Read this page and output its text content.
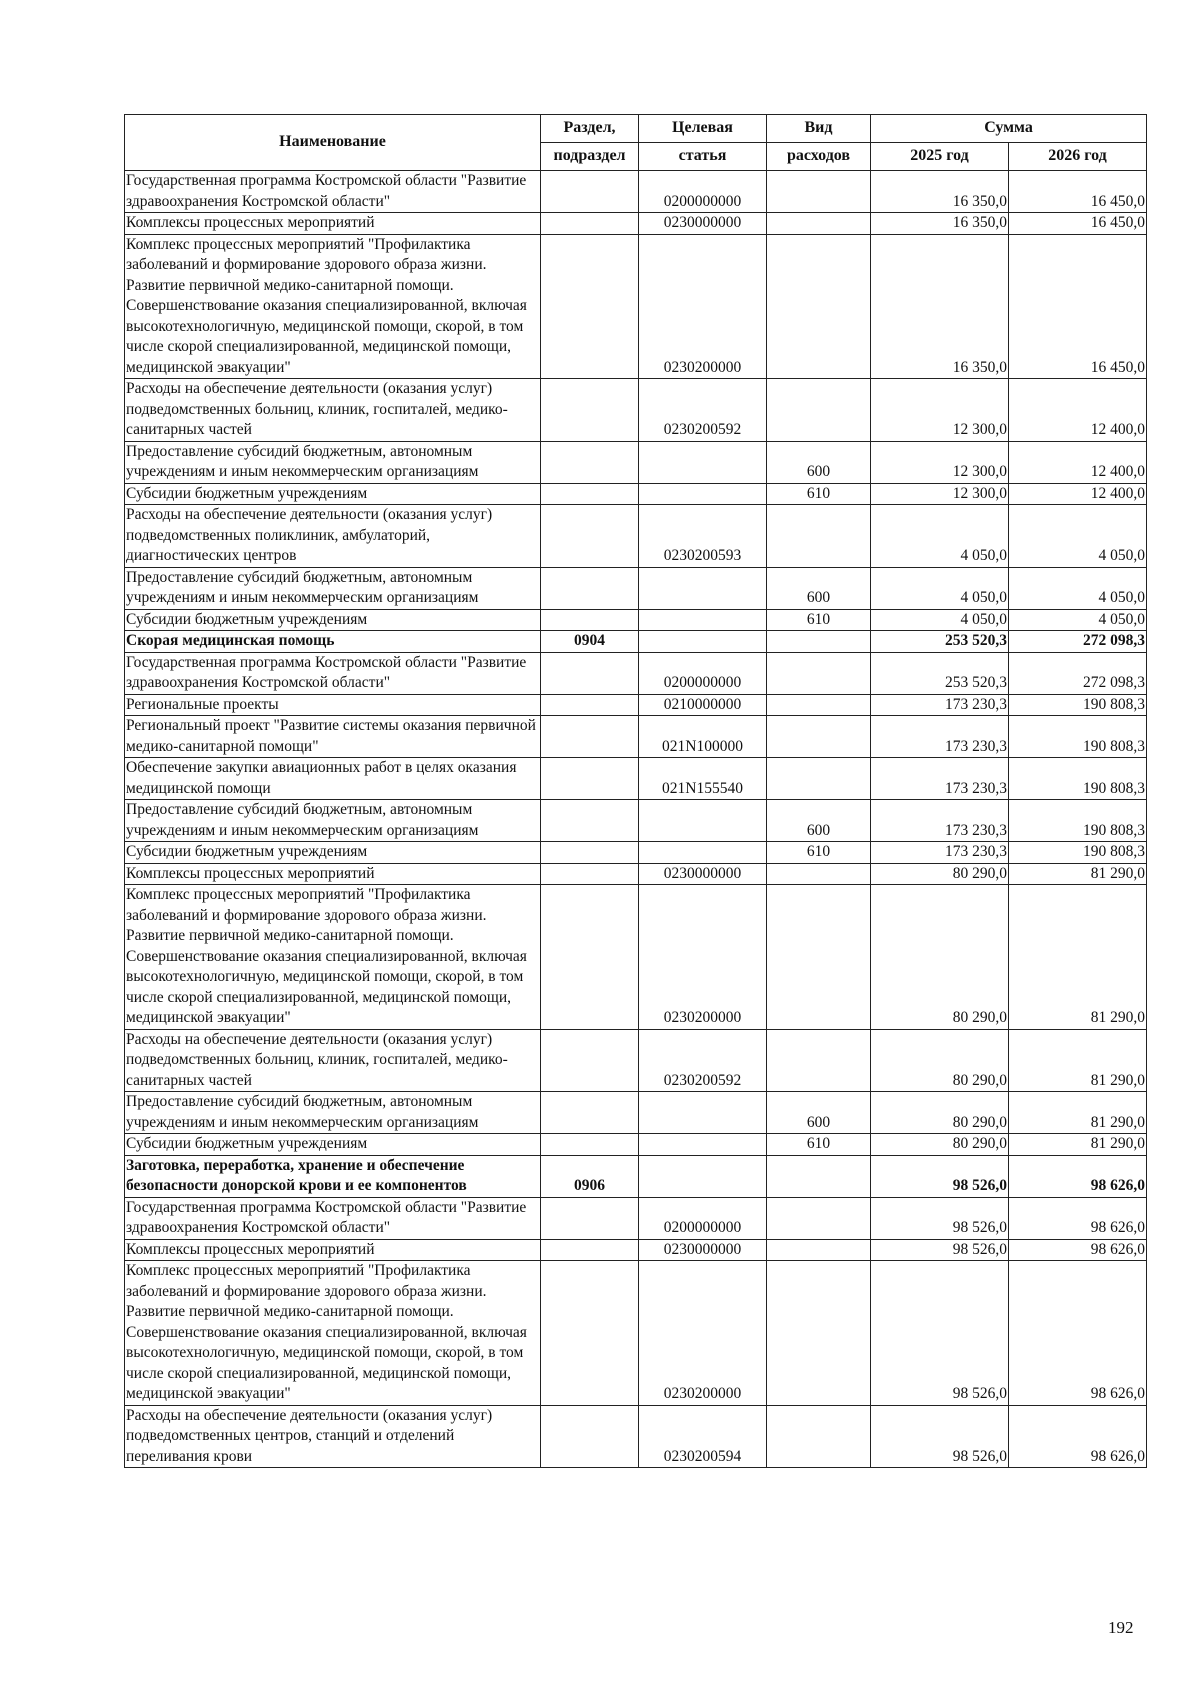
Наименование	Раздел,	Целевая	Вид	Сумма	
	подраздел	статья	расходов	2025 год	2026 год
Государственная программа Костромской области "Развитие здравоохранения Костромской области"		0200000000		16 350,0	16 450,0
Комплексы процессных мероприятий		0230000000		16 350,0	16 450,0
Комплекс процессных мероприятий "Профилактика заболеваний и формирование здорового образа жизни. Развитие первичной медико-санитарной помощи. Совершенствование оказания специализированной, включая высокотехнологичную, медицинской помощи, скорой, в том числе скорой специализированной, медицинской помощи, медицинской эвакуации"		0230200000		16 350,0	16 450,0
Расходы на обеспечение деятельности (оказания услуг) подведомственных больниц, клиник, госпиталей, медико-санитарных частей		0230200592		12 300,0	12 400,0
Предоставление субсидий бюджетным, автономным учреждениям и иным некоммерческим организациям			600	12 300,0	12 400,0
Субсидии бюджетным учреждениям			610	12 300,0	12 400,0
Расходы на обеспечение деятельности (оказания услуг) подведомственных поликлиник, амбулаторий, диагностических центров		0230200593		4 050,0	4 050,0
Предоставление субсидий бюджетным, автономным учреждениям и иным некоммерческим организациям			600	4 050,0	4 050,0
Субсидии бюджетным учреждениям			610	4 050,0	4 050,0
Скорая медицинская помощь	0904			253 520,3	272 098,3
Государственная программа Костромской области "Развитие здравоохранения Костромской области"		0200000000		253 520,3	272 098,3
Региональные проекты		0210000000		173 230,3	190 808,3
Региональный проект "Развитие системы оказания первичной медико-санитарной помощи"		021N100000		173 230,3	190 808,3
Обеспечение закупки авиационных работ в целях оказания медицинской помощи		021N155540		173 230,3	190 808,3
Предоставление субсидий бюджетным, автономным учреждениям и иным некоммерческим организациям			600	173 230,3	190 808,3
Субсидии бюджетным учреждениям			610	173 230,3	190 808,3
Комплексы процессных мероприятий		0230000000		80 290,0	81 290,0
Комплекс процессных мероприятий "Профилактика заболеваний и формирование здорового образа жизни. Развитие первичной медико-санитарной помощи. Совершенствование оказания специализированной, включая высокотехнологичную, медицинской помощи, скорой, в том числе скорой специализированной, медицинской помощи, медицинской эвакуации"		0230200000		80 290,0	81 290,0
Расходы на обеспечение деятельности (оказания услуг) подведомственных больниц, клиник, госпиталей, медико-санитарных частей		0230200592		80 290,0	81 290,0
Предоставление субсидий бюджетным, автономным учреждениям и иным некоммерческим организациям			600	80 290,0	81 290,0
Субсидии бюджетным учреждениям			610	80 290,0	81 290,0
Заготовка, переработка, хранение и обеспечение безопасности донорской крови и ее компонентов	0906			98 526,0	98 626,0
Государственная программа Костромской области "Развитие здравоохранения Костромской области"		0200000000		98 526,0	98 626,0
Комплексы процессных мероприятий		0230000000		98 526,0	98 626,0
Комплекс процессных мероприятий "Профилактика заболеваний и формирование здорового образа жизни. Развитие первичной медико-санитарной помощи. Совершенствование оказания специализированной, включая высокотехнологичную, медицинской помощи, скорой, в том числе скорой специализированной, медицинской помощи, медицинской эвакуации"		0230200000		98 526,0	98 626,0
Расходы на обеспечение деятельности (оказания услуг) подведомственных центров, станций и отделений переливания крови		0230200594		98 526,0	98 626,0
192
